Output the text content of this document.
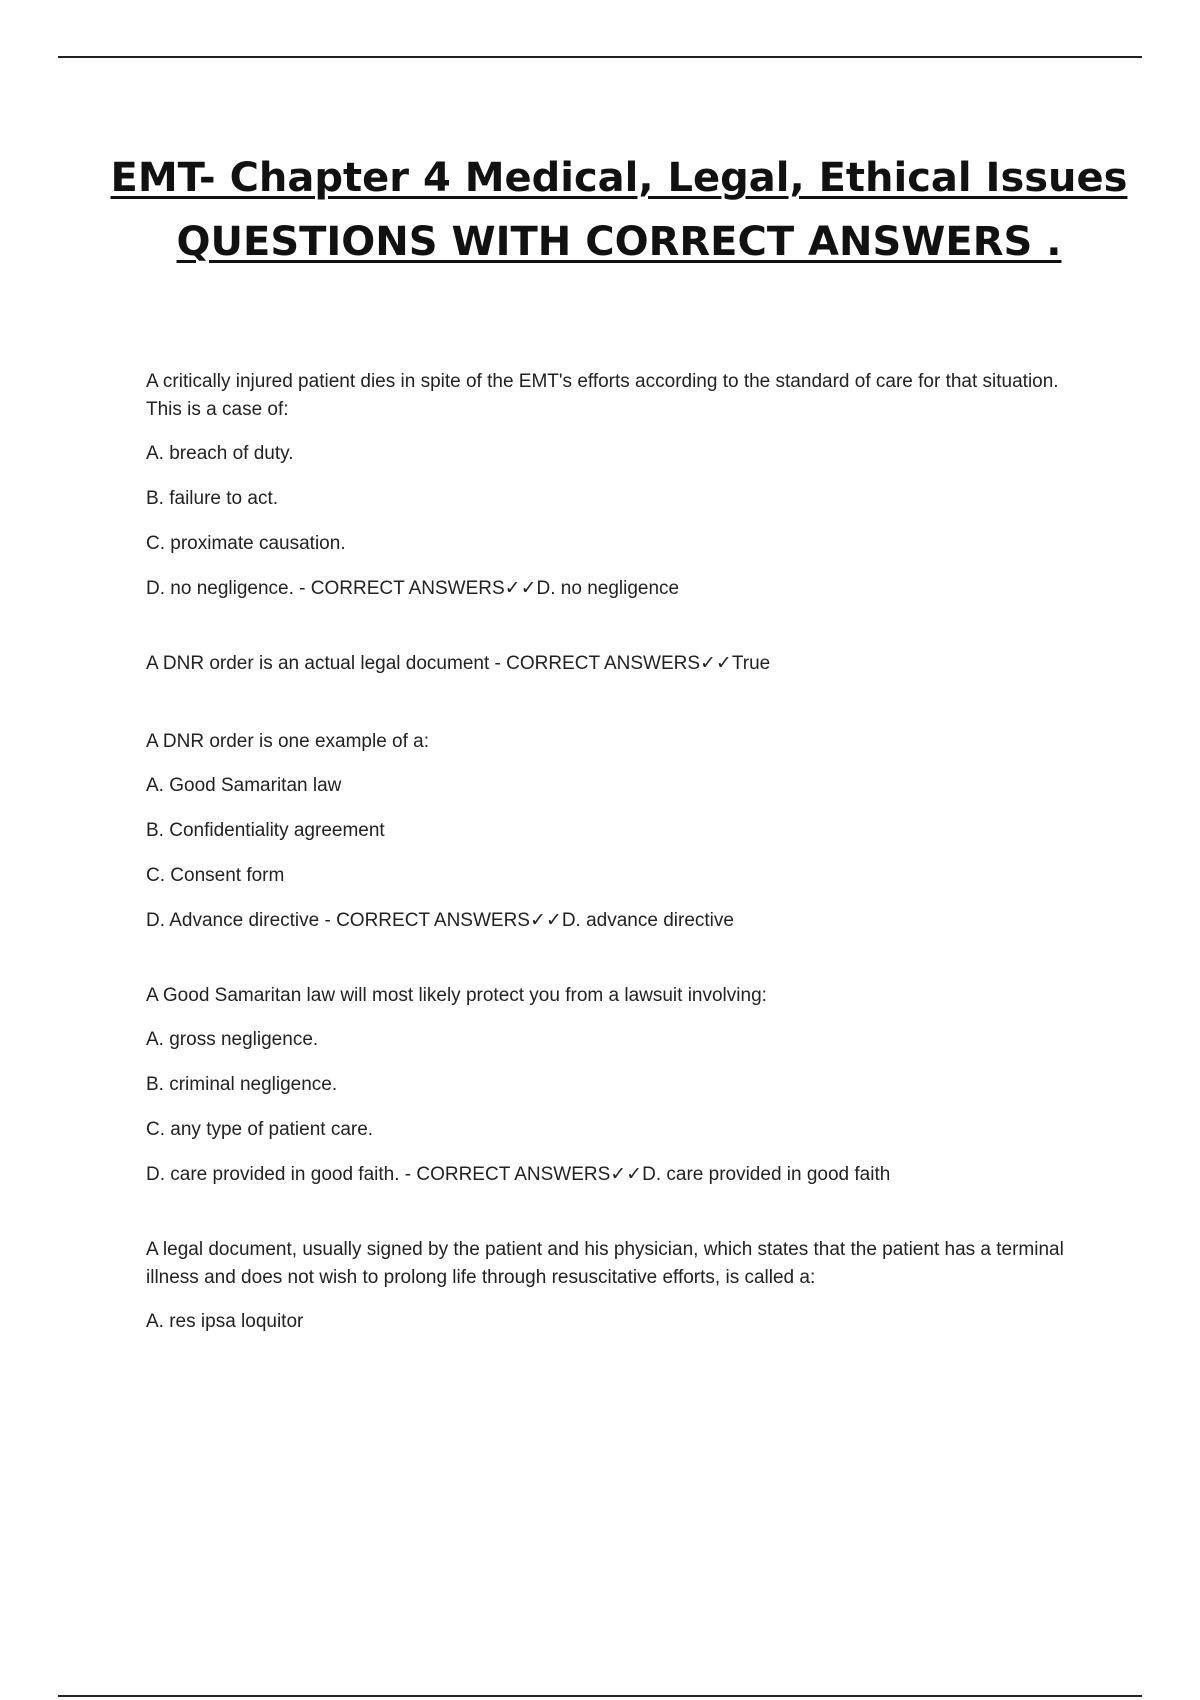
EMT- Chapter 4 Medical, Legal, Ethical Issues
QUESTIONS WITH CORRECT ANSWERS .

A critically injured patient dies in spite of the EMT's efforts according to the standard of care for that situation. This is a case of:

A. breach of duty.

B. failure to act.

C. proximate causation.

D. no negligence. - CORRECT ANSWERS✓✓D. no negligence

A DNR order is an actual legal document - CORRECT ANSWERS✓✓True

A DNR order is one example of a:

A. Good Samaritan law

B. Confidentiality agreement

C. Consent form

D. Advance directive - CORRECT ANSWERS✓✓D. advance directive

A Good Samaritan law will most likely protect you from a lawsuit involving:

A. gross negligence.

B. criminal negligence.

C. any type of patient care.

D. care provided in good faith. - CORRECT ANSWERS✓✓D. care provided in good faith

A legal document, usually signed by the patient and his physician, which states that the patient has a terminal illness and does not wish to prolong life through resuscitative efforts, is called a:

A. res ipsa loquitor
